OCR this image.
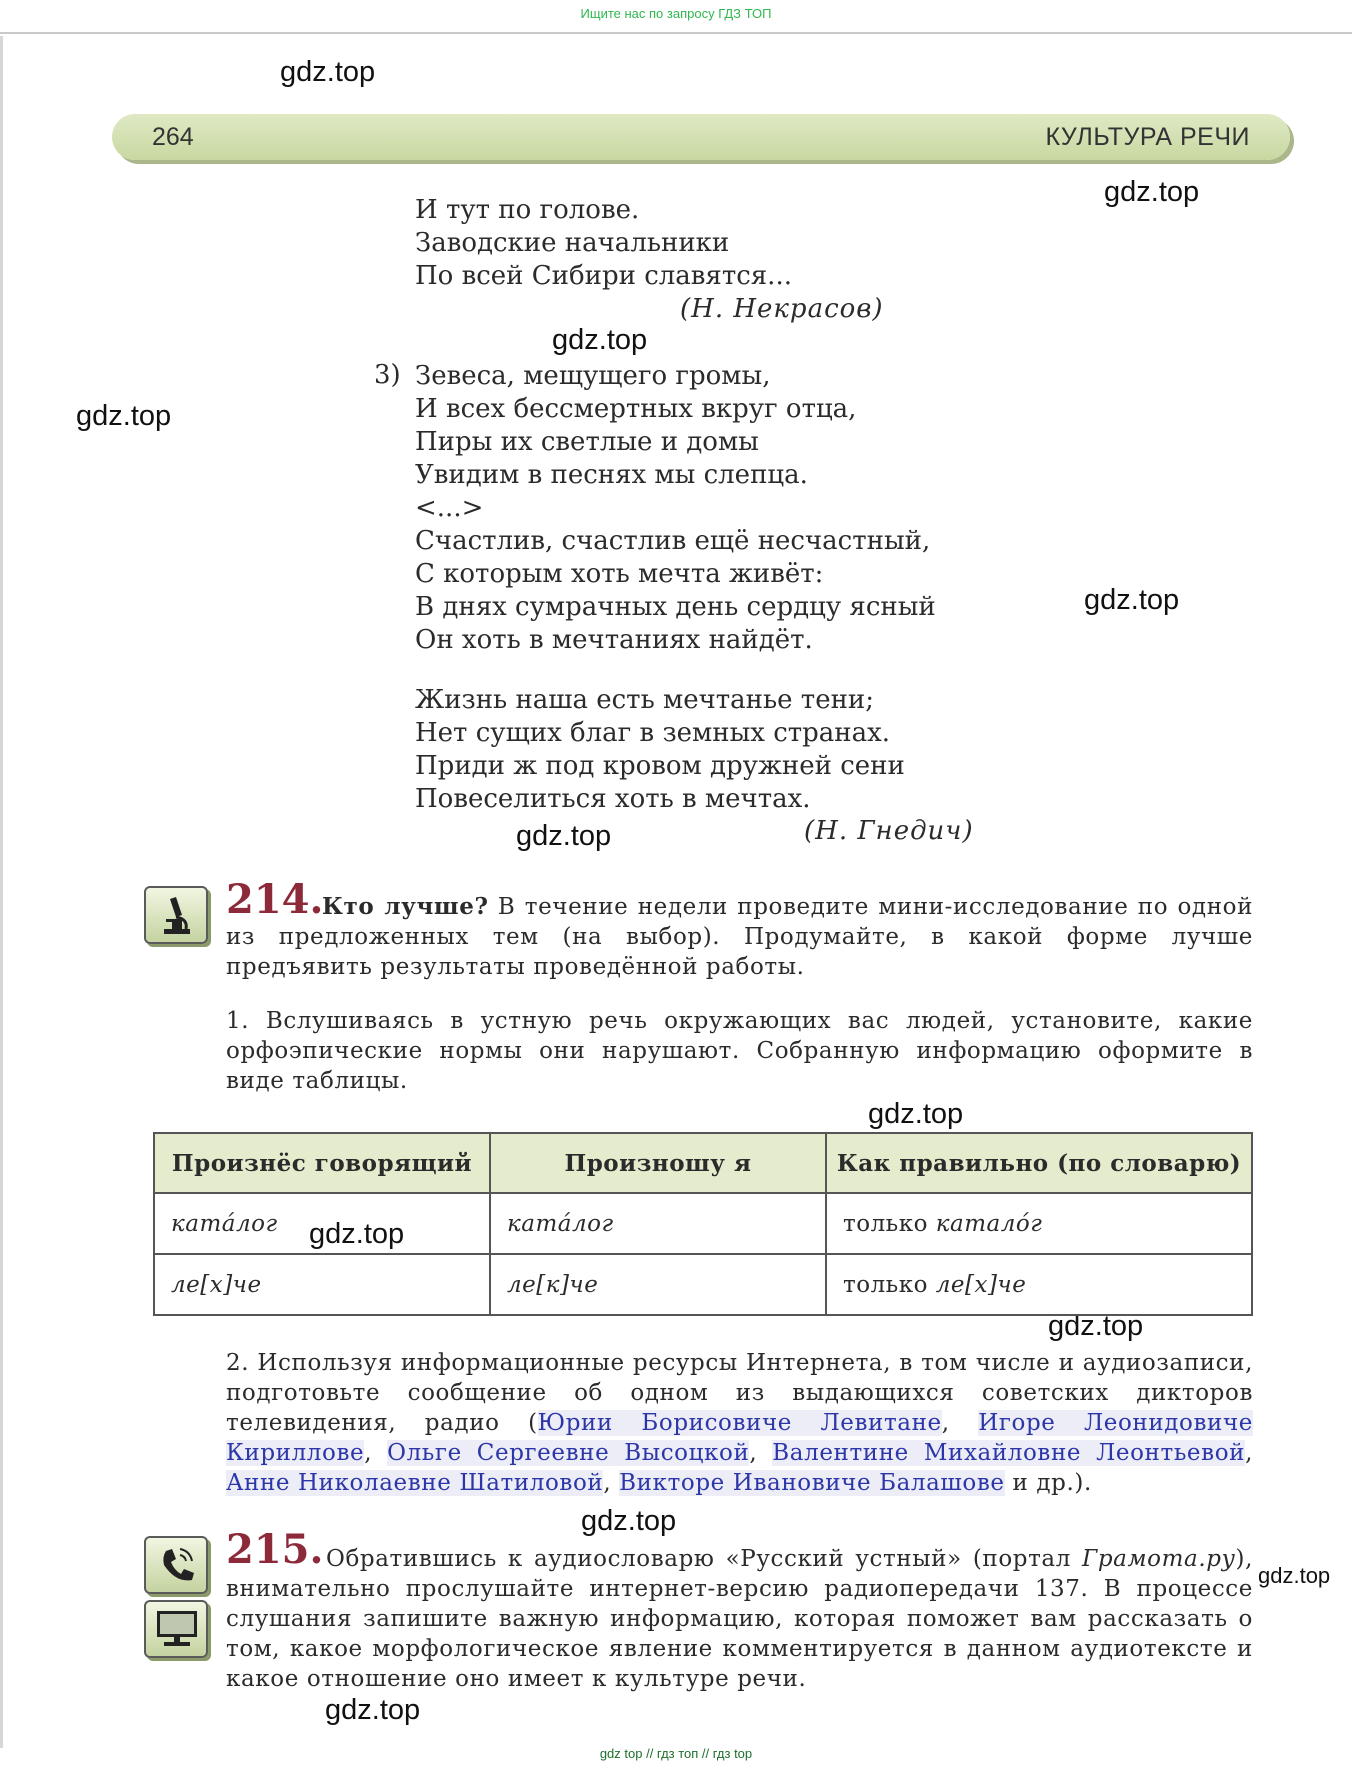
Ищите нас по запросу ГДЗ ТОП
gdz.top
gdz.top
gdz.top
gdz.top
gdz.top
gdz.top
gdz.top
gdz.top
gdz.top
gdz.top
gdz.top
gdz.top
264	КУЛЬТУРА РЕЧИ
И тут по голове.
Заводские начальники
По всей Сибири славятся...
(Н. Некрасов)
3) Зевеса, мещущего громы,
И всех бессмертных вкруг отца,
Пиры их светлые и домы
Увидим в песнях мы слепца.
<...>
Счастлив, счастлив ещё несчастный,
С которым хоть мечта живёт:
В днях сумрачных день сердцу ясный
Он хоть в мечтаниях найдёт.
Жизнь наша есть мечтанье тени;
Нет сущих благ в земных странах.
Приди ж под кровом дружней сени
Повеселиться хоть в мечтах.
(Н. Гнедич)
214.
Кто лучше? В течение недели проведите мини-исследование по одной из предложенных тем (на выбор). Продумайте, в какой форме лучше предъявить результаты проведённой работы.
1. Вслушиваясь в устную речь окружающих вас людей, установите, какие орфоэпические нормы они нарушают. Собранную информацию оформите в виде таблицы.
Произнёс говорящий	Произношу я	Как правильно (по словарю)
ката́лог	ката́лог	только катало́г
ле[х]че	ле[к]че	только ле[х]че
2. Используя информационные ресурсы Интернета, в том числе и аудиозаписи, подготовьте сообщение об одном из выдающихся советских дикторов телевидения, радио (Юрии Борисовиче Левитане, Игоре Леонидовиче Кириллове, Ольге Сергеевне Высоцкой, Валентине Михайловне Леонтьевой, Анне Николаевне Шатиловой, Викторе Ивановиче Балашове и др.).
215. Обратившись к аудиословарю «Русский устный» (портал Грамота.ру), внимательно прослушайте интернет-версию радиопередачи 137. В процессе слушания запишите важную информацию, которая поможет вам рассказать о том, какое морфологическое явление комментируется в данном аудиотексте и какое отношение оно имеет к культуре речи.
gdz top // гдз топ // гдз top
